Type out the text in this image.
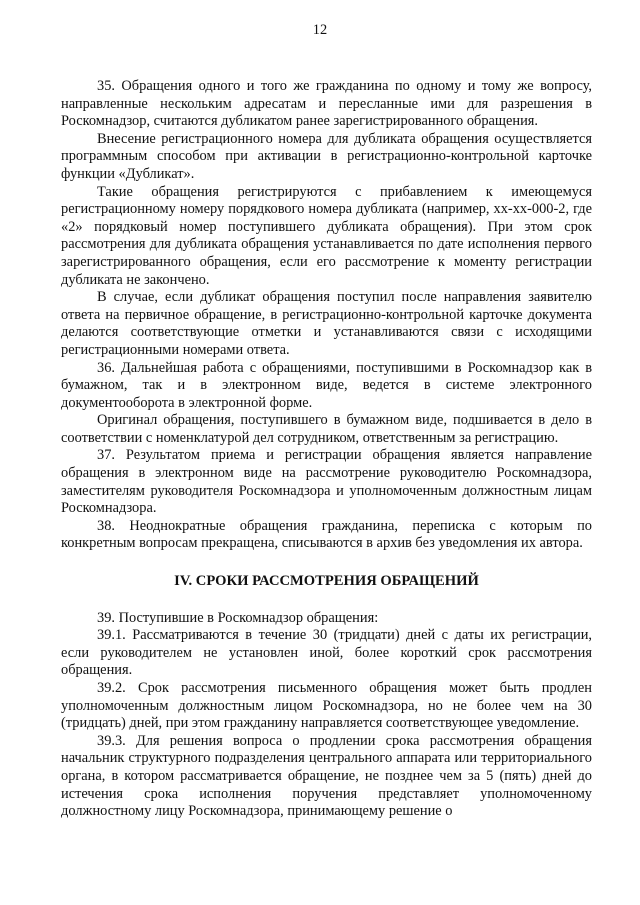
12

35. Обращения одного и того же гражданина по одному и тому же вопросу, направленные нескольким адресатам и пересланные ими для разрешения в Роскомнадзор, считаются дубликатом ранее зарегистрированного обращения.

Внесение регистрационного номера для дубликата обращения осуществляется программным способом при активации в регистрационно-контрольной карточке функции «Дубликат».

Такие обращения регистрируются с прибавлением к имеющемуся регистрационному номеру порядкового номера дубликата (например, хх-хх-000-2, где «2» порядковый номер поступившего дубликата обращения). При этом срок рассмотрения для дубликата обращения устанавливается по дате исполнения первого зарегистрированного обращения, если его рассмотрение к моменту регистрации дубликата не закончено.

В случае, если дубликат обращения поступил после направления заявителю ответа на первичное обращение, в регистрационно-контрольной карточке документа делаются соответствующие отметки и устанавливаются связи с исходящими регистрационными номерами ответа.

36. Дальнейшая работа с обращениями, поступившими в Роскомнадзор как в бумажном, так и в электронном виде, ведется в системе электронного документооборота в электронной форме.

Оригинал обращения, поступившего в бумажном виде, подшивается в дело в соответствии с номенклатурой дел сотрудником, ответственным за регистрацию.

37. Результатом приема и регистрации обращения является направление обращения в электронном виде на рассмотрение руководителю Роскомнадзора, заместителям руководителя Роскомнадзора и уполномоченным должностным лицам Роскомнадзора.

38. Неоднократные обращения гражданина, переписка с которым по конкретным вопросам прекращена, списываются в архив без уведомления их автора.

IV. СРОКИ РАССМОТРЕНИЯ ОБРАЩЕНИЙ

39. Поступившие в Роскомнадзор обращения:

39.1. Рассматриваются в течение 30 (тридцати) дней с даты их регистрации, если руководителем не установлен иной, более короткий срок рассмотрения обращения.

39.2. Срок рассмотрения письменного обращения может быть продлен уполномоченным должностным лицом Роскомнадзора, но не более чем на 30 (тридцать) дней, при этом гражданину направляется соответствующее уведомление.

39.3. Для решения вопроса о продлении срока рассмотрения обращения начальник структурного подразделения центрального аппарата или территориального органа, в котором рассматривается обращение, не позднее чем за 5 (пять) дней до истечения срока исполнения поручения представляет уполномоченному должностному лицу Роскомнадзора, принимающему решение о
